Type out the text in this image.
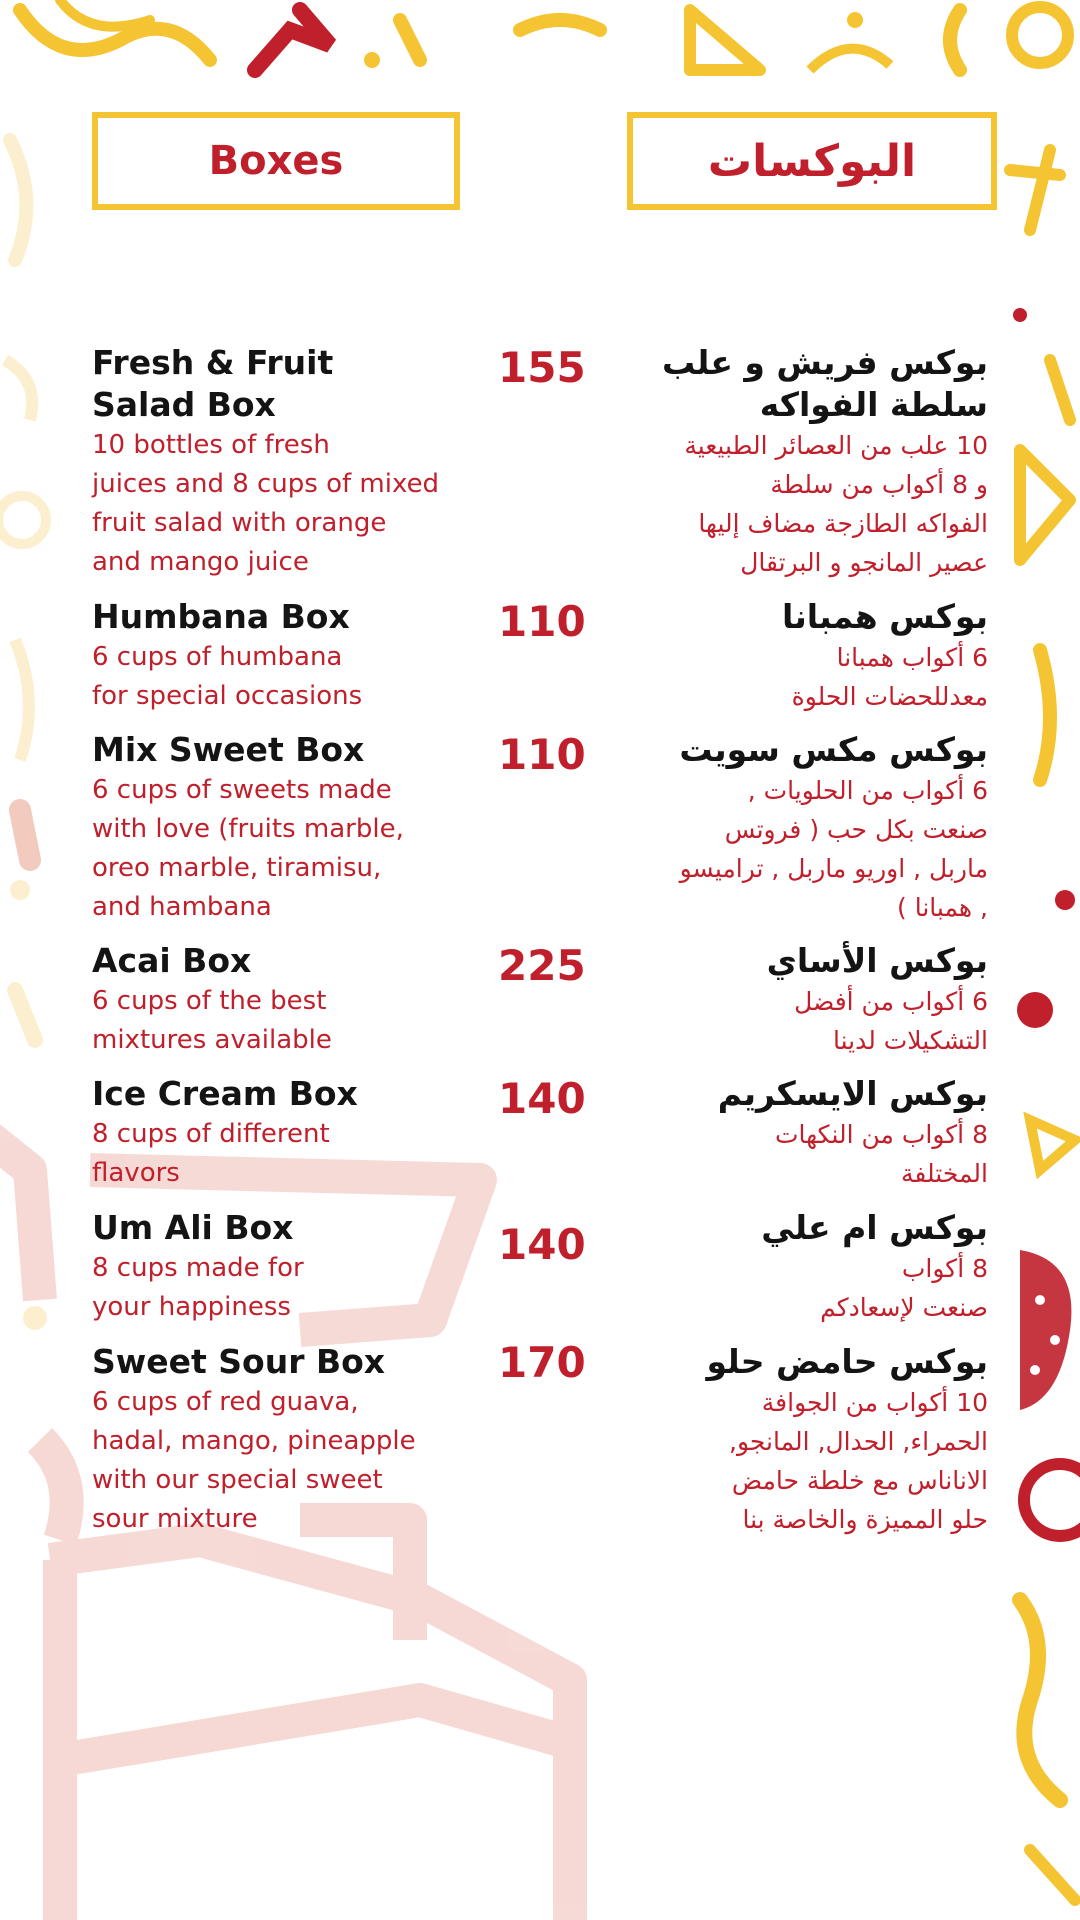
Boxes	البوكسات
Fresh & Fruit
Salad Box
10 bottles of fresh
juices and 8 cups of mixed
fruit salad with orange
and mango juice
155	بوكس فريش و علب
سلطة الفواكه
10 علب من العصائر الطبيعية
و 8 أكواب من سلطة
الفواكه الطازجة مضاف إليها
عصير المانجو و البرتقال
Humbana Box
6 cups of humbana
for special occasions
110	بوكس همبانا
6 أكواب همبانا
معدللحضات الحلوة
Mix Sweet Box
6 cups of sweets made
with love (fruits marble,
oreo marble, tiramisu,
and hambana
110	بوكس مكس سويت
6 أكواب من الحلويات ,
صنعت بكل حب ( فروتس
ماربل , اوريو ماربل , تراميسو
, همبانا )
Acai Box
6 cups of the best
mixtures available
225	بوكس الأساي
6 أكواب من أفضل
التشكيلات لدينا
Ice Cream Box
8 cups of different
flavors
140	بوكس الايسكريم
8 أكواب من النكهات
المختلفة
Um Ali Box
8 cups made for
your happiness
140	بوكس ام علي
8 أكواب
صنعت لإسعادكم
Sweet Sour Box
6 cups of red guava,
hadal, mango, pineapple
with our special sweet
sour mixture
170	بوكس حامض حلو
10 أكواب من الجوافة
الحمراء, الحدال, المانجو,
الاناناس مع خلطة حامض
حلو المميزة والخاصة بنا
